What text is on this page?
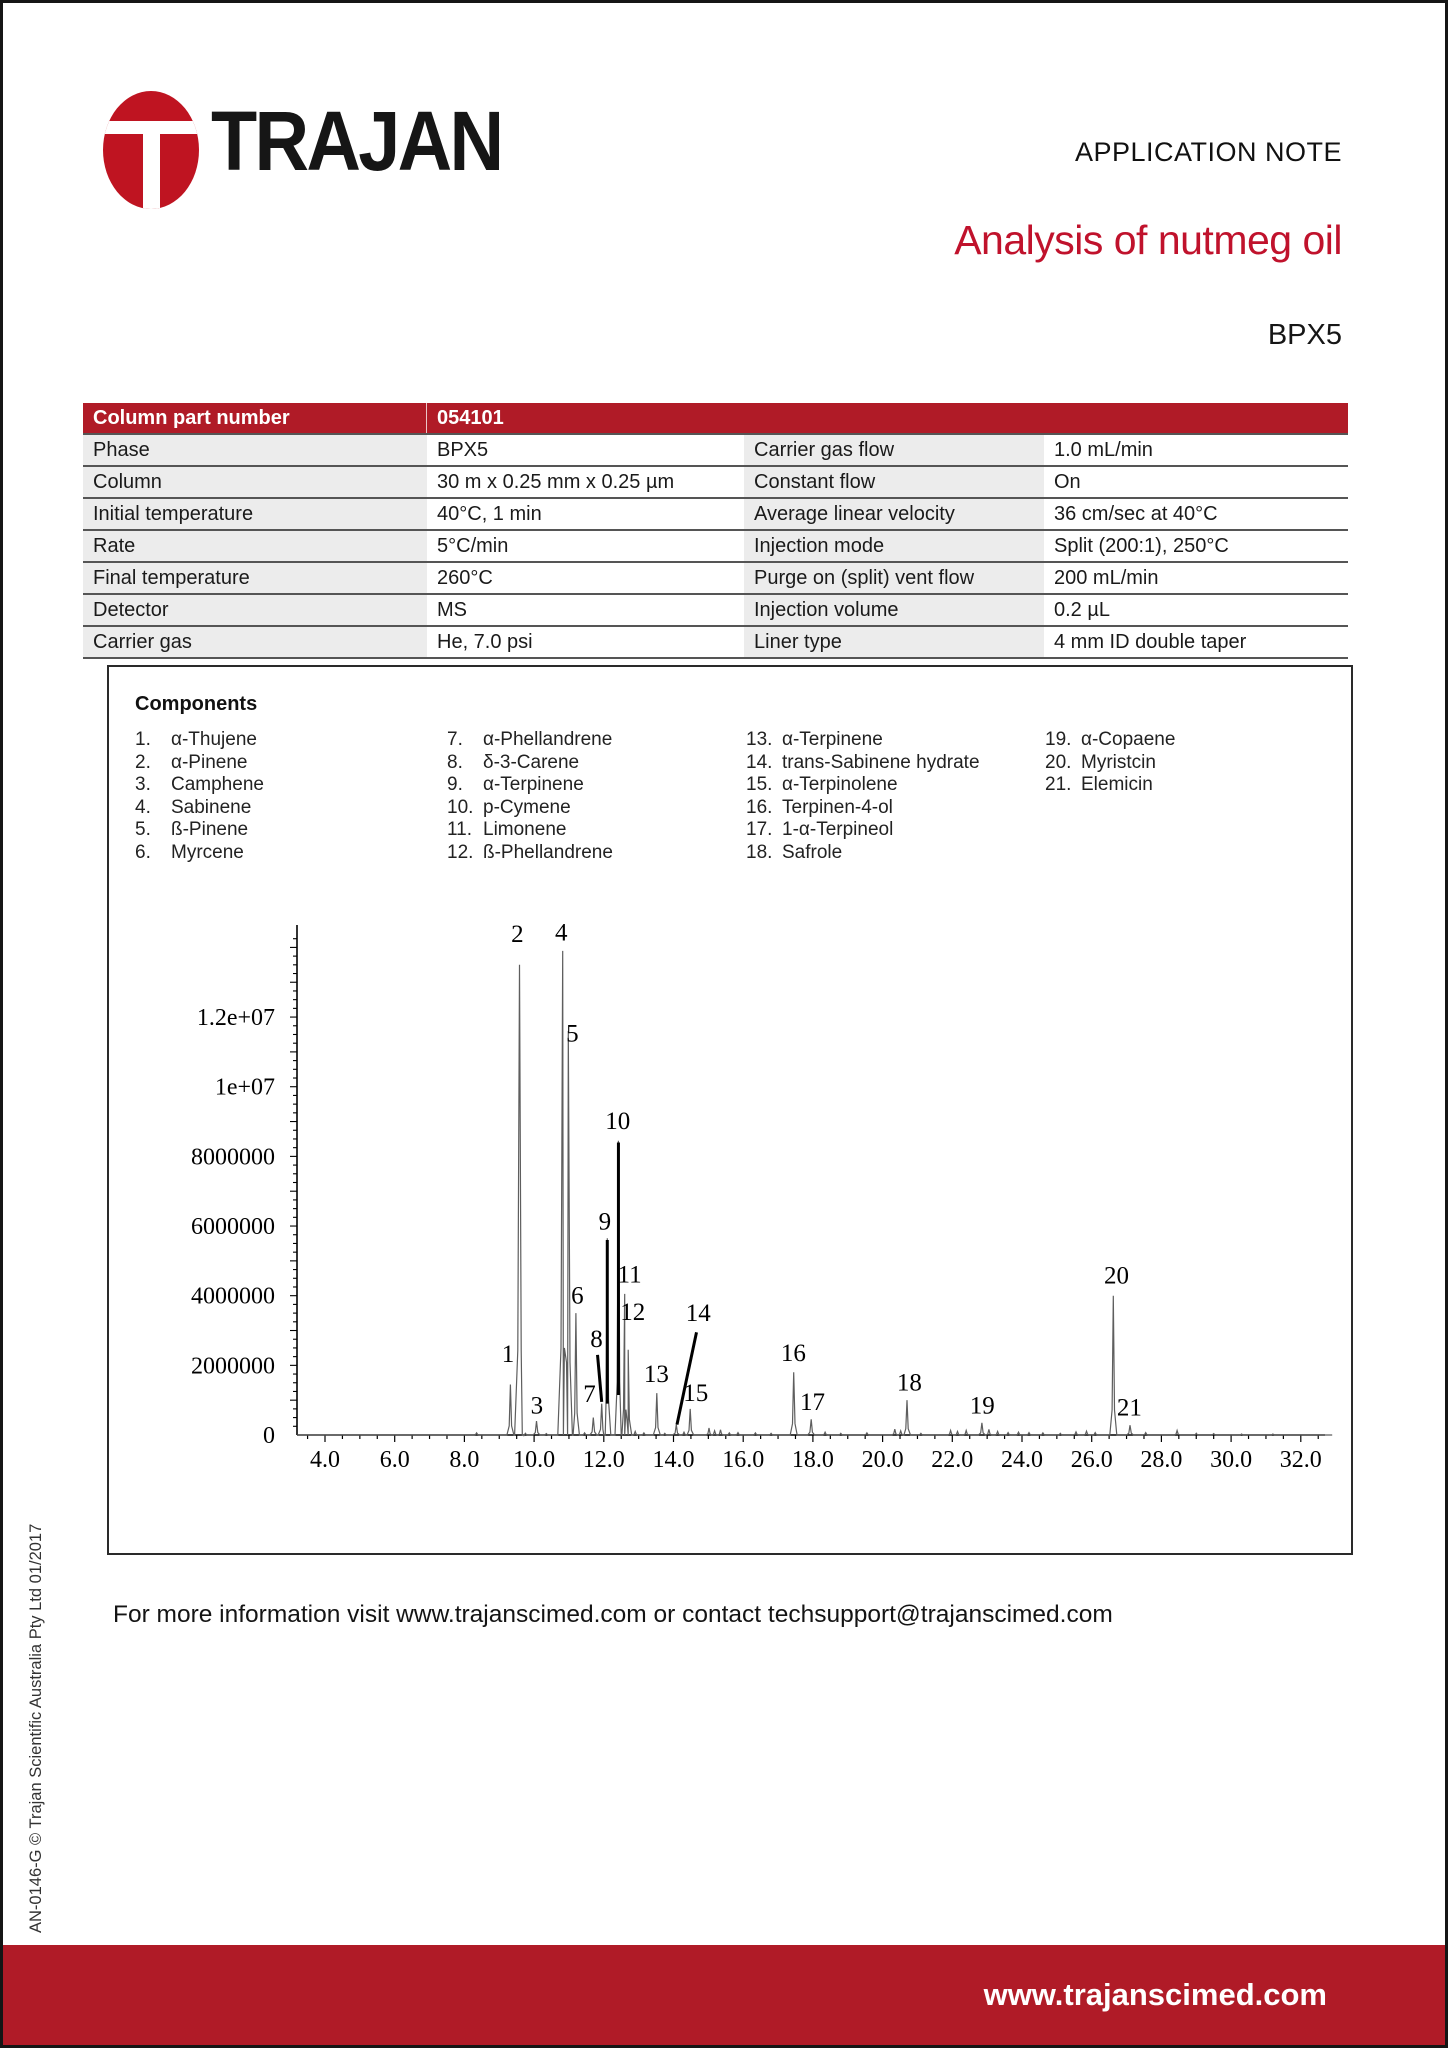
TRAJAN	APPLICATION NOTE
Analysis of nutmeg oil
BPX5
Column part number	054101
Phase	BPX5	Carrier gas flow	1.0 mL/min
Column	30 m x 0.25 mm x 0.25 µm	Constant flow	On
Initial temperature	40°C, 1 min	Average linear velocity	36 cm/sec at 40°C
Rate	5°C/min	Injection mode	Split (200:1), 250°C
Final temperature	260°C	Purge on (split) vent flow	200 mL/min
Detector	MS	Injection volume	0.2 µL
Carrier gas	He, 7.0 psi	Liner type	4 mm ID double taper
Components
1. α-Thujene
2. α-Pinene
3. Camphene
4. Sabinene
5. ß-Pinene
6. Myrcene
7. α-Phellandrene
8. δ-3-Carene
9. α-Terpinene
10. p-Cymene
11. Limonene
12. ß-Phellandrene
13. α-Terpinene
14. trans-Sabinene hydrate
15. α-Terpinolene
16. Terpinen-4-ol
17. 1-α-Terpineol
18. Safrole
19. α-Copaene
20. Myristcin
21. Elemicin
4.0 6.0 8.0 10.0 12.0 14.0 16.0 18.0 20.0 22.0 24.0 26.0 28.0 30.0 32.0
1.2e+07
1e+07
8000000
6000000
4000000
2000000
0
1
2
3
4
5
6
7
8
9
10
11
12
13
14
15
16
17
18
19
20
21
For more information visit www.trajanscimed.com or contact techsupport@trajanscimed.com
AN-0146-G © Trajan Scientific Australia Pty Ltd 01/2017
www.trajanscimed.com
